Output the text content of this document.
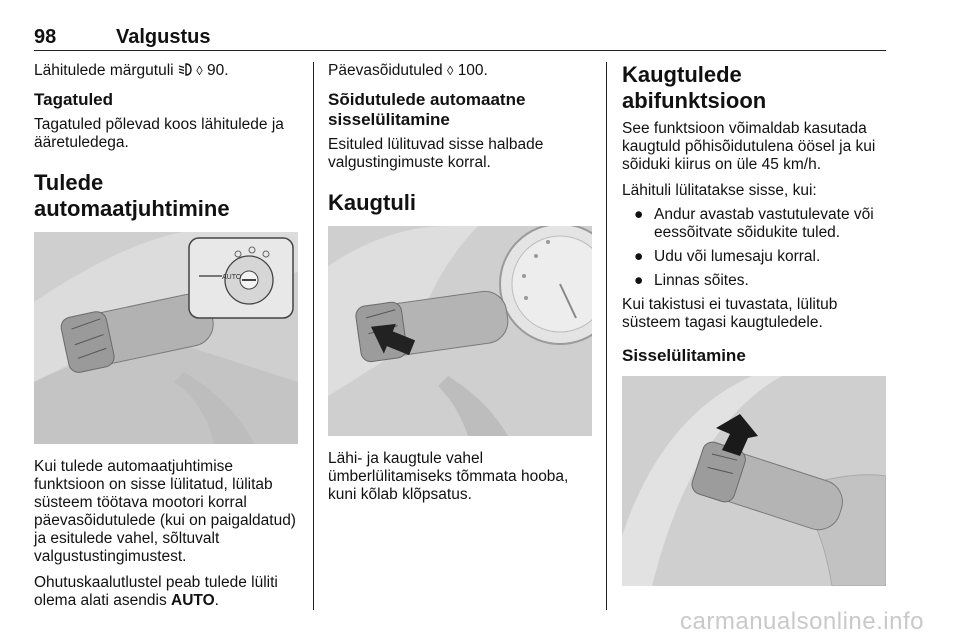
98	Valgustus

Lähitulede märgutuli ◊ 90.

Tagatuled

Tagatuled põlevad koos lähitulede ja ääretuledega.

Tulede automaatjuhtimine
AUTO

Kui tulede automaatjuhtimise funktsioon on sisse lülitatud, lülitab süsteem töötava mootori korral päevasõidutulede (kui on paigaldatud) ja esitulede vahel, sõltuvalt valgustustingimustest.

Ohutuskaalutlustel peab tulede lüliti olema alati asendis AUTO.

Päevasõidutuled ◊ 100.

Sõidutulede automaatne sisselülitamine

Esituled lülituvad sisse halbade valgustingimuste korral.

Kaugtuli

Lähi- ja kaugtule vahel ümberlülitamiseks tõmmata hooba, kuni kõlab klõpsatus.

Kaugtulede abifunktsioon

See funktsioon võimaldab kasutada kaugtuld põhisõidutulena öösel ja kui sõiduki kiirus on üle 45 km/h.

Lähituli lülitatakse sisse, kui:

● Andur avastab vastutulevate või eessõitvate sõidukite tuled.
● Udu või lumesaju korral.
● Linnas sõites.

Kui takistusi ei tuvastata, lülitub süsteem tagasi kaugtuledele.

Sisselülitamine
carmanualsonline.info
